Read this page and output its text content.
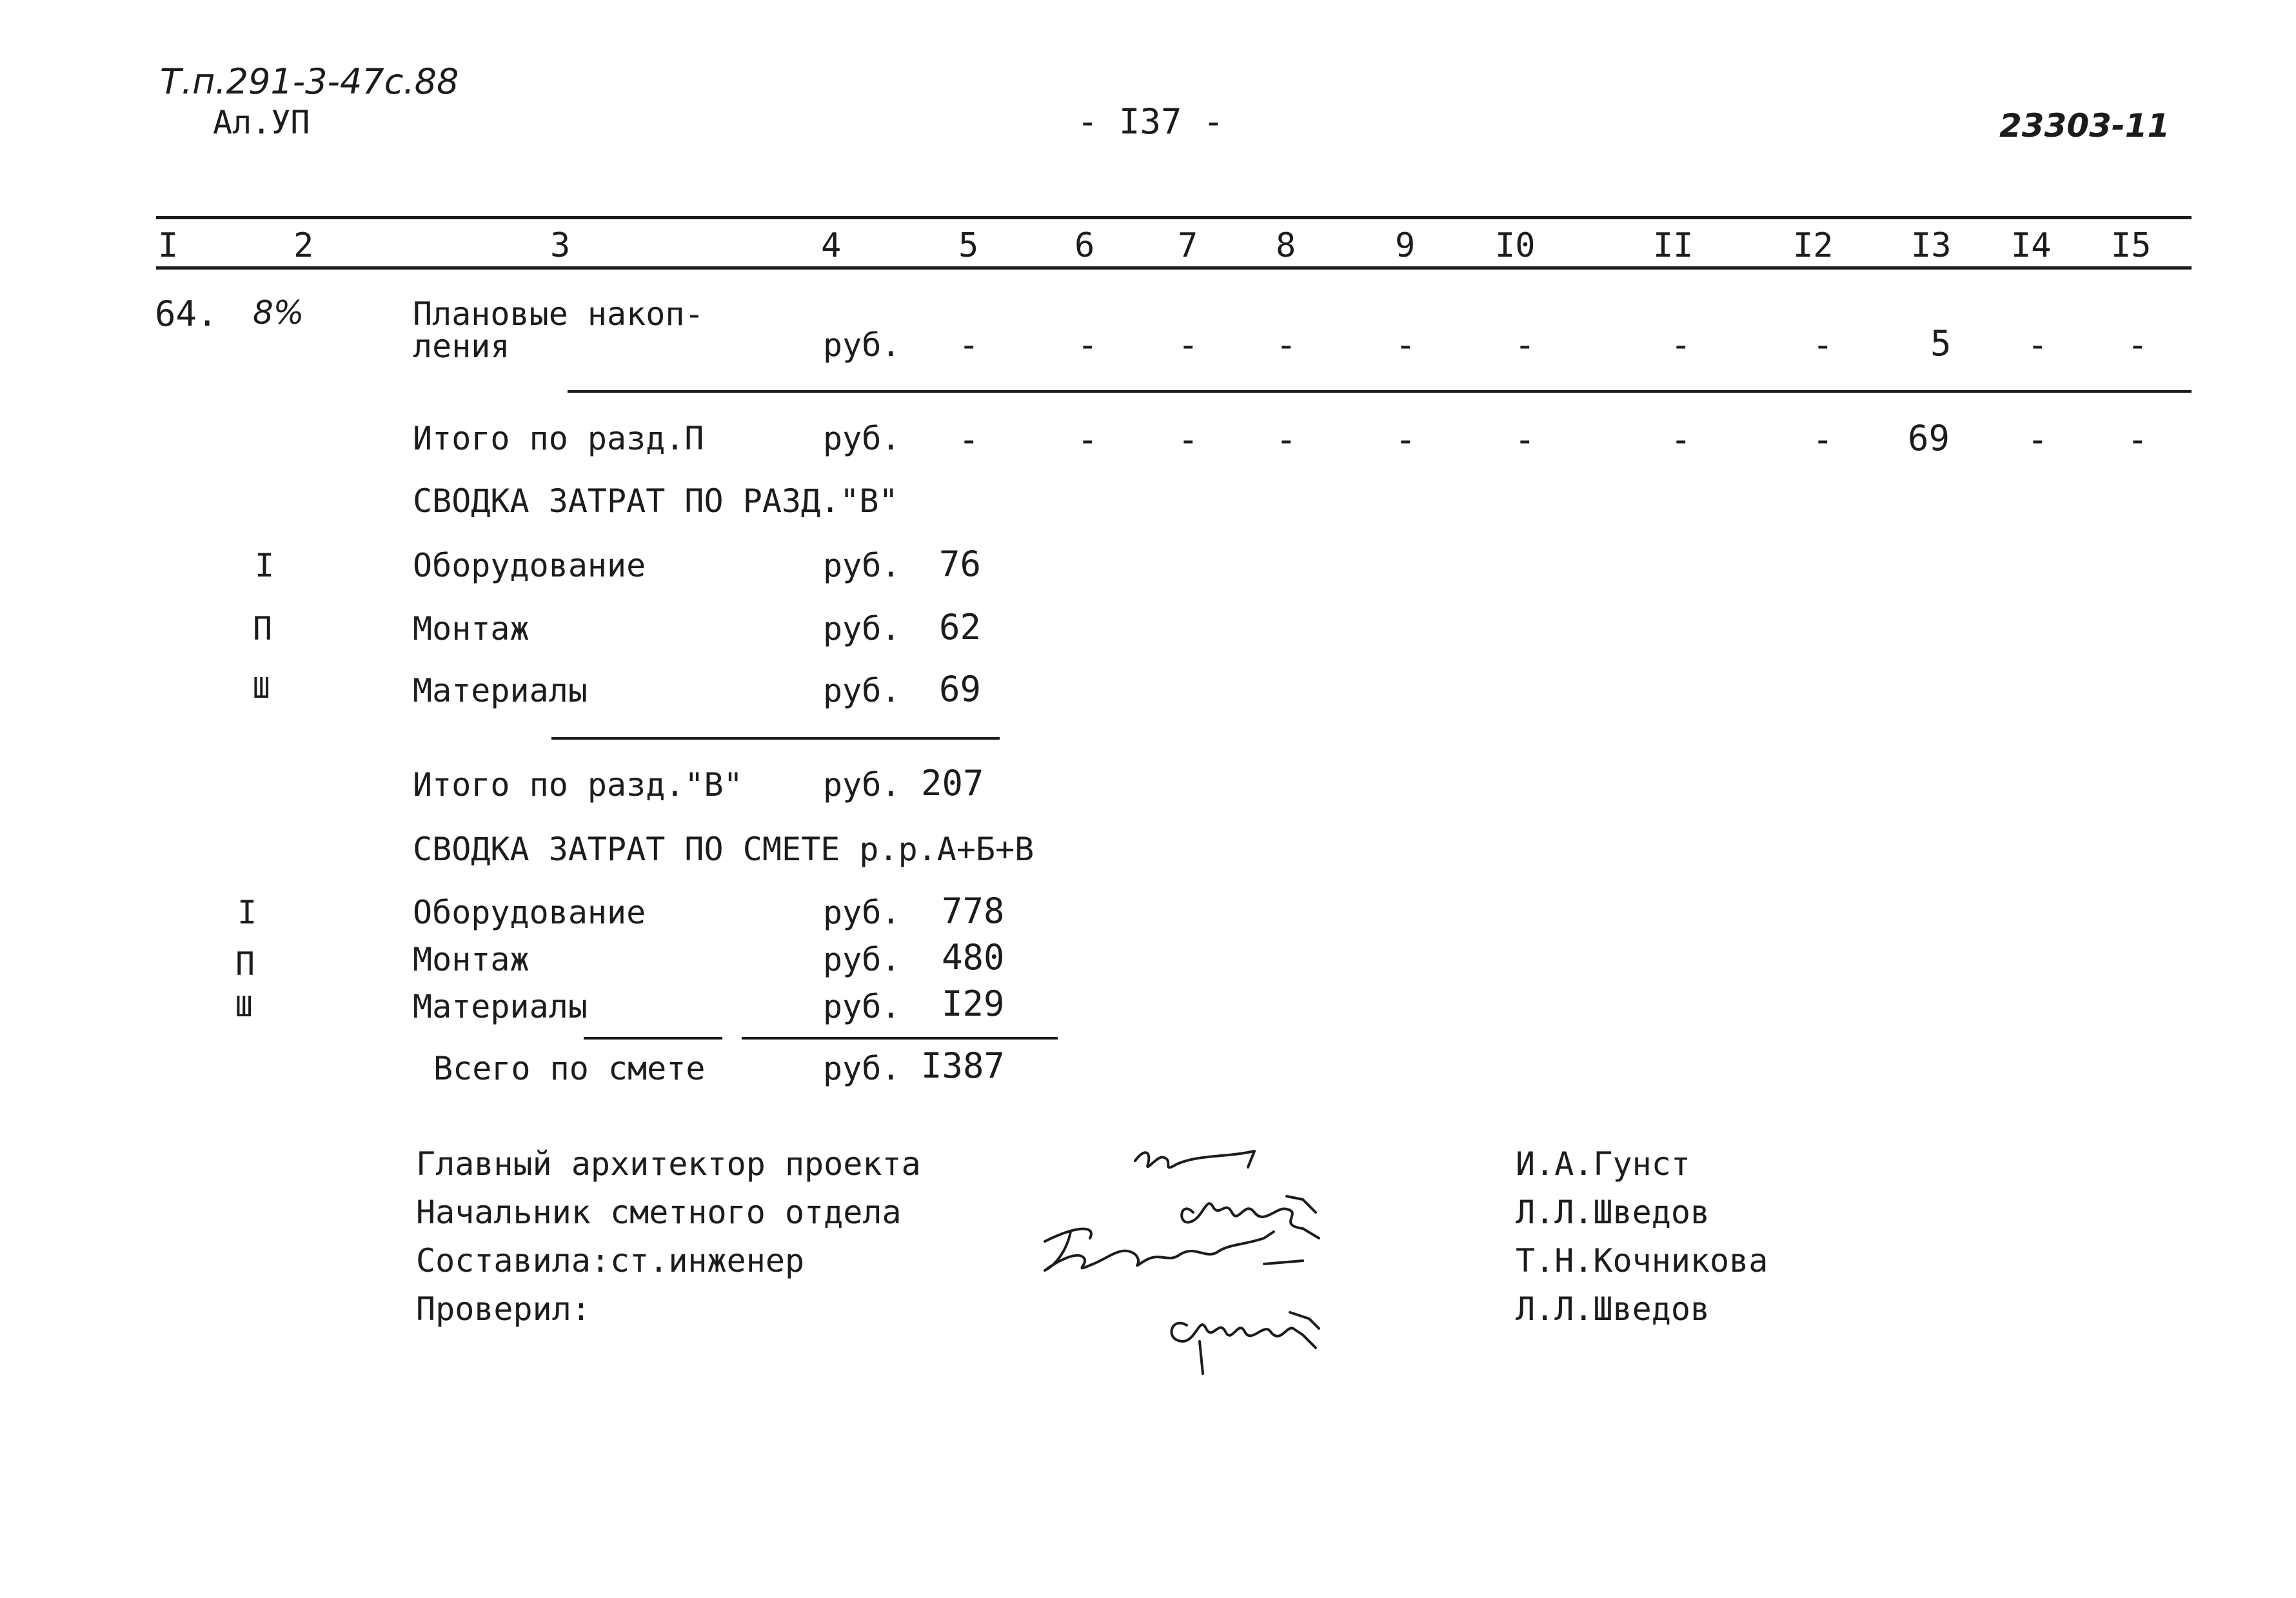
Т.п.291-3-47с.88
Ал.УП	- I37 -	23303-11
I	2	3	4	5	6 7 8	9 I0	II	I2 I3 I4 I5
64. 8%	Плановые накоп-
ления	руб. -	- - -	-	-	-	-	5 - -
Итого по разд.П	руб. -	- - -	-	-	-	- 69 - -
СВОДКА ЗАТРАТ ПО РАЗД."В"
I	Оборудование	руб. 76
П	Монтаж	руб. 62
Ш	Материалы	руб. 69
Итого по разд."В" руб. 207
СВОДКА ЗАТРАТ ПО СМЕТЕ р.р.А+Б+В
I	Оборудование	руб. 778
П	Монтаж	руб. 480
Ш	Материалы	руб. I29
Всего по смете	руб. I387
Главный архитектор проекта	И.А.Гунст
Начальник сметного отдела	Л.Л.Шведов
Составила:ст.инженер	Т.Н.Кочникова
Проверил:	Л.Л.Шведов
